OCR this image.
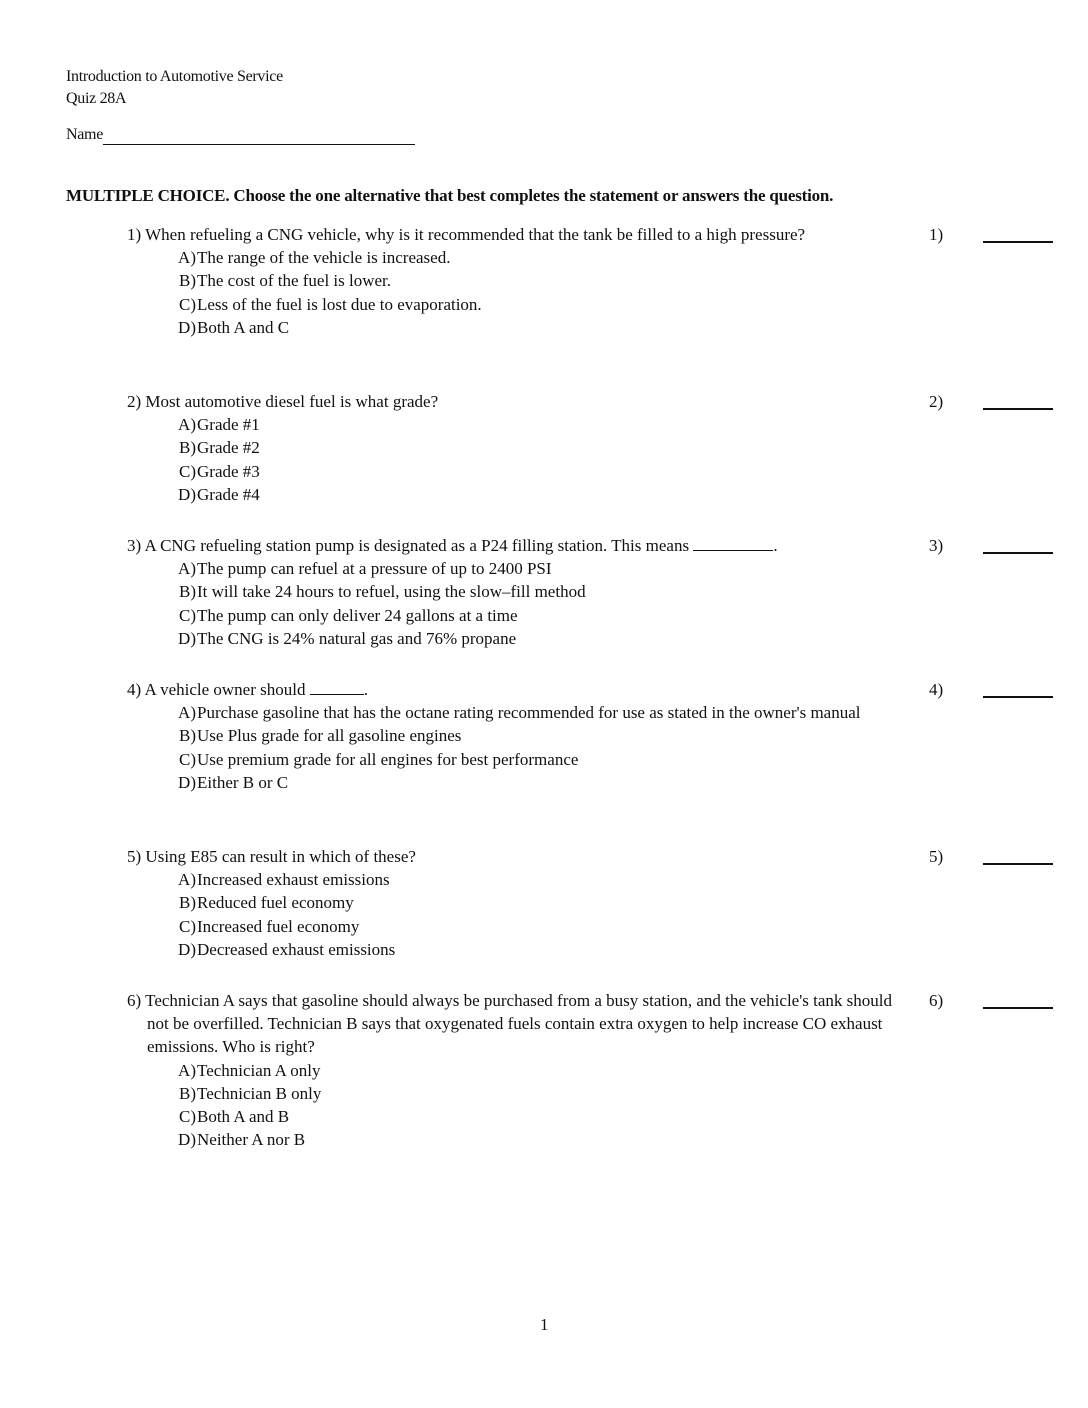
Introduction to Automotive Service
Quiz 28A
Name
MULTIPLE CHOICE. Choose the one alternative that best completes the statement or answers the question.
1) When refueling a CNG vehicle, why is it recommended that the tank be filled to a high pressure?
A) The range of the vehicle is increased.
B) The cost of the fuel is lower.
C) Less of the fuel is lost due to evaporation.
D) Both A and C
1)
2) Most automotive diesel fuel is what grade?
A) Grade #1
B) Grade #2
C) Grade #3
D) Grade #4
2)
3) A CNG refueling station pump is designated as a P24 filling station. This means	.
A) The pump can refuel at a pressure of up to 2400 PSI
B) It will take 24 hours to refuel, using the slow–fill method
C) The pump can only deliver 24 gallons at a time
D) The CNG is 24% natural gas and 76% propane
3)
4) A vehicle owner should	.
A) Purchase gasoline that has the octane rating recommended for use as stated in the owner's manual
B) Use Plus grade for all gasoline engines
C) Use premium grade for all engines for best performance
D) Either B or C
4)
5) Using E85 can result in which of these?
A) Increased exhaust emissions
B) Reduced fuel economy
C) Increased fuel economy
D) Decreased exhaust emissions
5)
6) Technician A says that gasoline should always be purchased from a busy station, and the vehicle's tank should not be overfilled. Technician B says that oxygenated fuels contain extra oxygen to help increase CO exhaust emissions. Who is right?
A) Technician A only
B) Technician B only
C) Both A and B
D) Neither A nor B
6)
1
